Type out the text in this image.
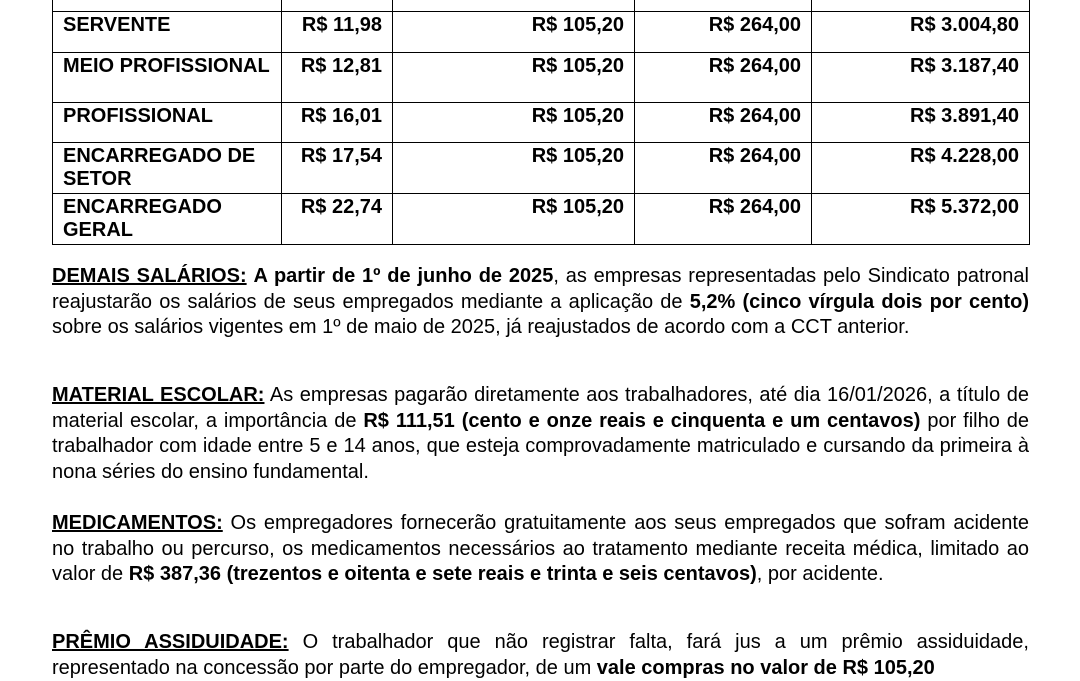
SERVENTE	R$ 11,98	R$ 105,20	R$ 264,00	R$ 3.004,80
MEIO PROFISSIONAL	R$ 12,81	R$ 105,20	R$ 264,00	R$ 3.187,40
PROFISSIONAL	R$ 16,01	R$ 105,20	R$ 264,00	R$ 3.891,40
ENCARREGADO DE SETOR	R$ 17,54	R$ 105,20	R$ 264,00	R$ 4.228,00
ENCARREGADO GERAL	R$ 22,74	R$ 105,20	R$ 264,00	R$ 5.372,00

DEMAIS SALÁRIOS: A partir de 1º de junho de 2025, as empresas representadas pelo Sindicato patronal reajustarão os salários de seus empregados mediante a aplicação de 5,2% (cinco vírgula dois por cento) sobre os salários vigentes em 1º de maio de 2025, já reajustados de acordo com a CCT anterior.

MATERIAL ESCOLAR: As empresas pagarão diretamente aos trabalhadores, até dia 16/01/2026, a título de material escolar, a importância de R$ 111,51 (cento e onze reais e cinquenta e um centavos) por filho de trabalhador com idade entre 5 e 14 anos, que esteja comprovadamente matriculado e cursando da primeira à nona séries do ensino fundamental.

MEDICAMENTOS: Os empregadores fornecerão gratuitamente aos seus empregados que sofram acidente no trabalho ou percurso, os medicamentos necessários ao tratamento mediante receita médica, limitado ao valor de R$ 387,36 (trezentos e oitenta e sete reais e trinta e seis centavos), por acidente.

PRÊMIO ASSIDUIDADE: O trabalhador que não registrar falta, fará jus a um prêmio assiduidade, representado na concessão por parte do empregador, de um vale compras no valor de R$ 105,20
